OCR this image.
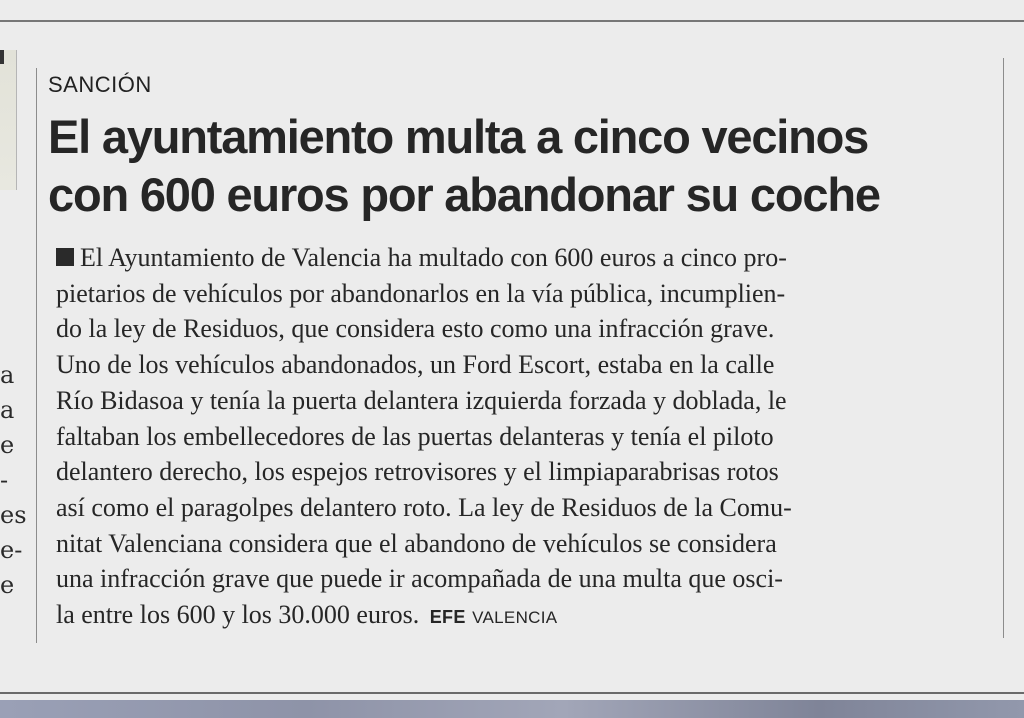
a
a
e
-
es
e-
e
SANCIÓN
El ayuntamiento multa a cinco vecinos
con 600 euros por abandonar su coche
El Ayuntamiento de Valencia ha multado con 600 euros a cinco pro-
pietarios de vehículos por abandonarlos en la vía pública, incumplien-
do la ley de Residuos, que considera esto como una infracción grave.
Uno de los vehículos abandonados, un Ford Escort, estaba en la calle
Río Bidasoa y tenía la puerta delantera izquierda forzada y doblada, le
faltaban los embellecedores de las puertas delanteras y tenía el piloto
delantero derecho, los espejos retrovisores y el limpiaparabrisas rotos
así como el paragolpes delantero roto. La ley de Residuos de la Comu-
nitat Valenciana considera que el abandono de vehículos se considera
una infracción grave que puede ir acompañada de una multa que osci-
la entre los 600 y los 30.000 euros. EFE VALENCIA
